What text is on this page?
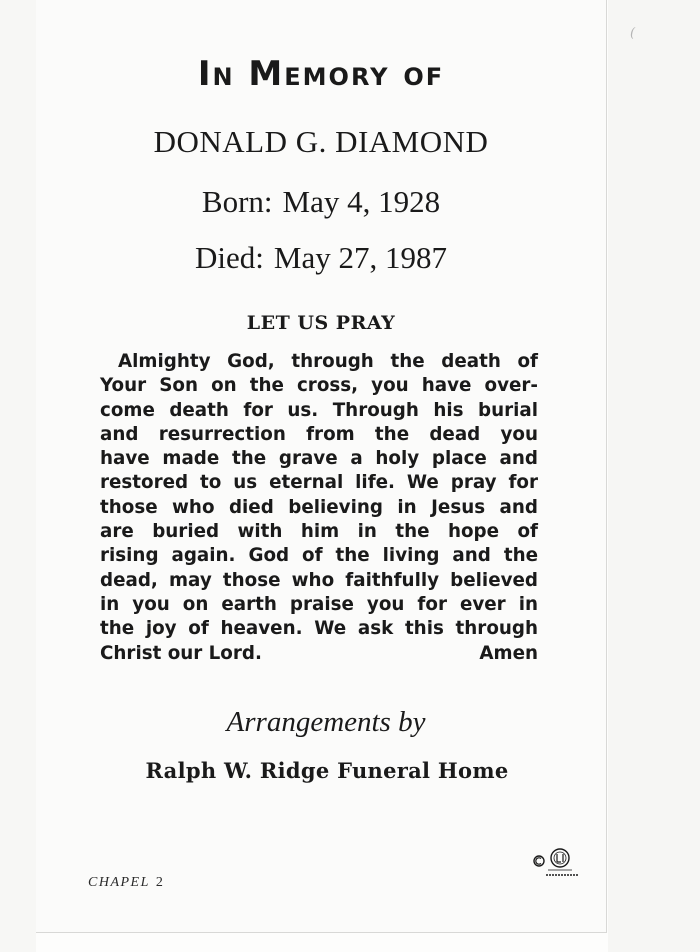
(
In Memory of
DONALD G. DIAMOND
Born: May 4, 1928
Died: May 27, 1987
LET US PRAY
Almighty God, through the death of
Your Son on the cross, you have over-
come death for us. Through his burial
and resurrection from the dead you
have made the grave a holy place and
restored to us eternal life. We pray for
those who died believing in Jesus and
are buried with him in the hope of
rising again. God of the living and the
dead, may those who faithfully believed
in you on earth praise you for ever in
the joy of heaven. We ask this through
Christ our Lord.	Amen
Arrangements by
Ralph W. Ridge Funeral Home
CHAPEL 2
